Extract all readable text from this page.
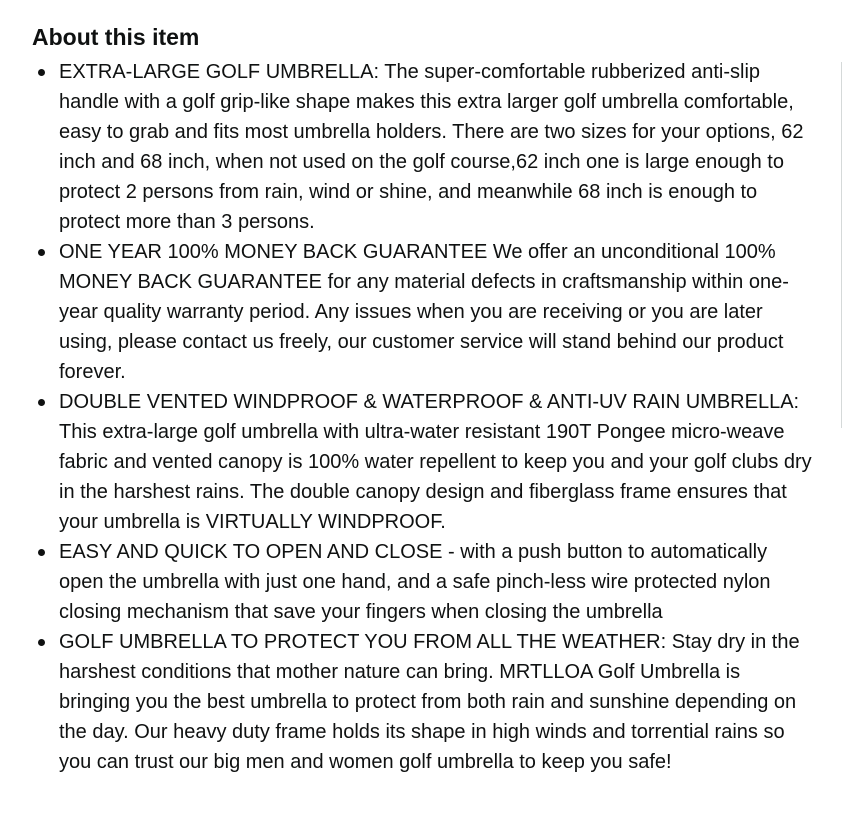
About this item
EXTRA-LARGE GOLF UMBRELLA: The super-comfortable rubberized anti-slip handle with a golf grip-like shape makes this extra larger golf umbrella comfortable, easy to grab and fits most umbrella holders. There are two sizes for your options, 62 inch and 68 inch, when not used on the golf course,62 inch one is large enough to protect 2 persons from rain, wind or shine, and meanwhile 68 inch is enough to protect more than 3 persons.
ONE YEAR 100% MONEY BACK GUARANTEE We offer an unconditional 100% MONEY BACK GUARANTEE for any material defects in craftsmanship within one-year quality warranty period. Any issues when you are receiving or you are later using, please contact us freely, our customer service will stand behind our product forever.
DOUBLE VENTED WINDPROOF & WATERPROOF & ANTI-UV RAIN UMBRELLA: This extra-large golf umbrella with ultra-water resistant 190T Pongee micro-weave fabric and vented canopy is 100% water repellent to keep you and your golf clubs dry in the harshest rains. The double canopy design and fiberglass frame ensures that your umbrella is VIRTUALLY WINDPROOF.
EASY AND QUICK TO OPEN AND CLOSE - with a push button to automatically open the umbrella with just one hand, and a safe pinch-less wire protected nylon closing mechanism that save your fingers when closing the umbrella
GOLF UMBRELLA TO PROTECT YOU FROM ALL THE WEATHER: Stay dry in the harshest conditions that mother nature can bring. MRTLLOA Golf Umbrella is bringing you the best umbrella to protect from both rain and sunshine depending on the day. Our heavy duty frame holds its shape in high winds and torrential rains so you can trust our big men and women golf umbrella to keep you safe!
